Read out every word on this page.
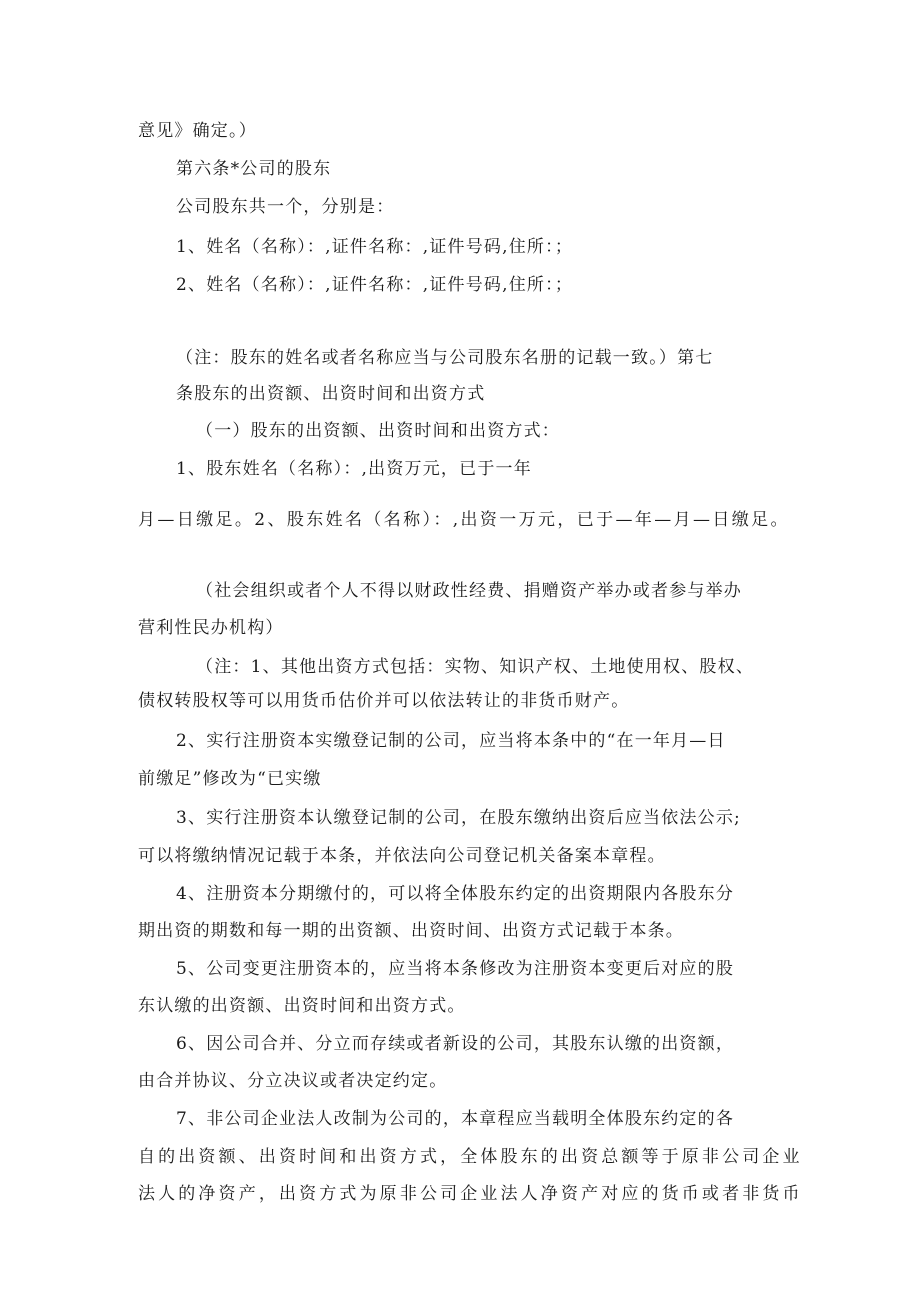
意见》确定。）
第六条*公司的股东
公司股东共一个，分别是：
1、姓名（名称）：,证件名称：,证件号码,住所：；
2、姓名（名称）：,证件名称：,证件号码,住所：；
（注：股东的姓名或者名称应当与公司股东名册的记载一致。）第七
条股东的出资额、出资时间和出资方式
（一）股东的出资额、出资时间和出资方式：
1、股东姓名（名称）：,出资万元，已于一年
月—日缴足。2、股东姓名（名称）：,出资一万元，已于—年—月—日缴足。
（社会组织或者个人不得以财政性经费、捐赠资产举办或者参与举办
营利性民办机构）
（注：1、其他出资方式包括：实物、知识产权、土地使用权、股权、
债权转股权等可以用货币估价并可以依法转让的非货币财产。
2、实行注册资本实缴登记制的公司，应当将本条中的“在一年月—日
前缴足”修改为“已实缴
3、实行注册资本认缴登记制的公司，在股东缴纳出资后应当依法公示;
可以将缴纳情况记载于本条，并依法向公司登记机关备案本章程。
4、注册资本分期缴付的，可以将全体股东约定的出资期限内各股东分
期出资的期数和每一期的出资额、出资时间、出资方式记载于本条。
5、公司变更注册资本的，应当将本条修改为注册资本变更后对应的股
东认缴的出资额、出资时间和出资方式。
6、因公司合并、分立而存续或者新设的公司，其股东认缴的出资额，
由合并协议、分立决议或者决定约定。
7、非公司企业法人改制为公司的，本章程应当载明全体股东约定的各
自的出资额、出资时间和出资方式，全体股东的出资总额等于原非公司企业
法人的净资产，出资方式为原非公司企业法人净资产对应的货币或者非货币
